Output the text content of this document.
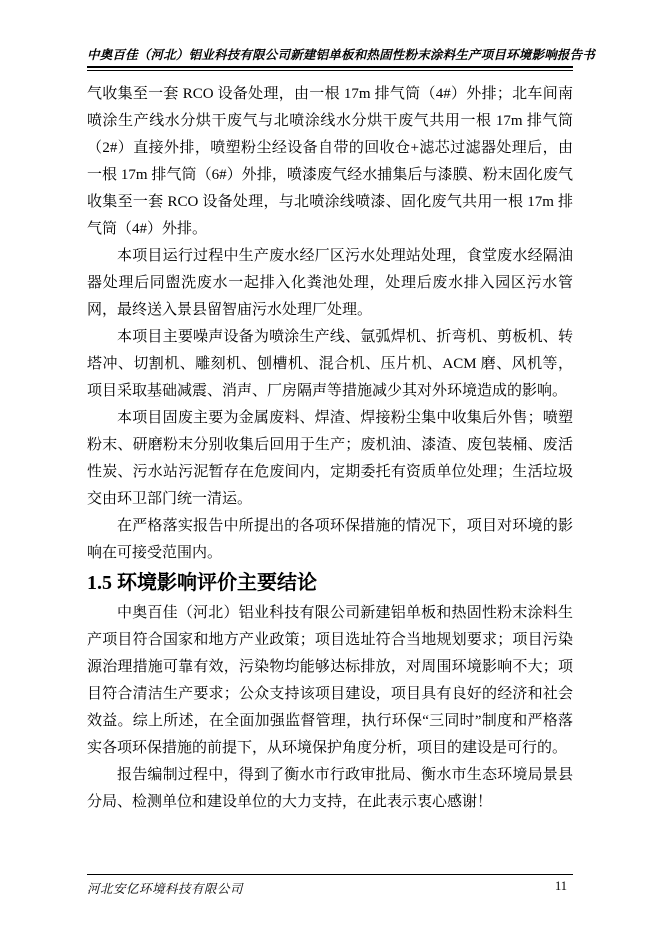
中奥百佳（河北）铝业科技有限公司新建铝单板和热固性粉末涂料生产项目环境影响报告书

气收集至一套 RCO 设备处理，由一根 17m 排气筒（4#）外排；北车间南喷涂生产线水分烘干废气与北喷涂线水分烘干废气共用一根 17m 排气筒（2#）直接外排，喷塑粉尘经设备自带的回收仓+滤芯过滤器处理后，由一根 17m 排气筒（6#）外排，喷漆废气经水捕集后与漆膜、粉末固化废气收集至一套 RCO 设备处理，与北喷涂线喷漆、固化废气共用一根 17m 排气筒（4#）外排。

本项目运行过程中生产废水经厂区污水处理站处理，食堂废水经隔油器处理后同盥洗废水一起排入化粪池处理，处理后废水排入园区污水管网，最终送入景县留智庙污水处理厂处理。

本项目主要噪声设备为喷涂生产线、氩弧焊机、折弯机、剪板机、转塔冲、切割机、雕刻机、刨槽机、混合机、压片机、ACM 磨、风机等，项目采取基础减震、消声、厂房隔声等措施减少其对外环境造成的影响。

本项目固废主要为金属废料、焊渣、焊接粉尘集中收集后外售；喷塑粉末、研磨粉末分别收集后回用于生产；废机油、漆渣、废包装桶、废活性炭、污水站污泥暂存在危废间内，定期委托有资质单位处理；生活垃圾交由环卫部门统一清运。

在严格落实报告中所提出的各项环保措施的情况下，项目对环境的影响在可接受范围内。

1.5 环境影响评价主要结论

中奥百佳（河北）铝业科技有限公司新建铝单板和热固性粉末涂料生产项目符合国家和地方产业政策；项目选址符合当地规划要求；项目污染源治理措施可靠有效，污染物均能够达标排放，对周围环境影响不大；项目符合清洁生产要求；公众支持该项目建设，项目具有良好的经济和社会效益。综上所述，在全面加强监督管理，执行环保“三同时”制度和严格落实各项环保措施的前提下，从环境保护角度分析，项目的建设是可行的。

报告编制过程中，得到了衡水市行政审批局、衡水市生态环境局景县分局、检测单位和建设单位的大力支持，在此表示衷心感谢！

河北安亿环境科技有限公司	11
